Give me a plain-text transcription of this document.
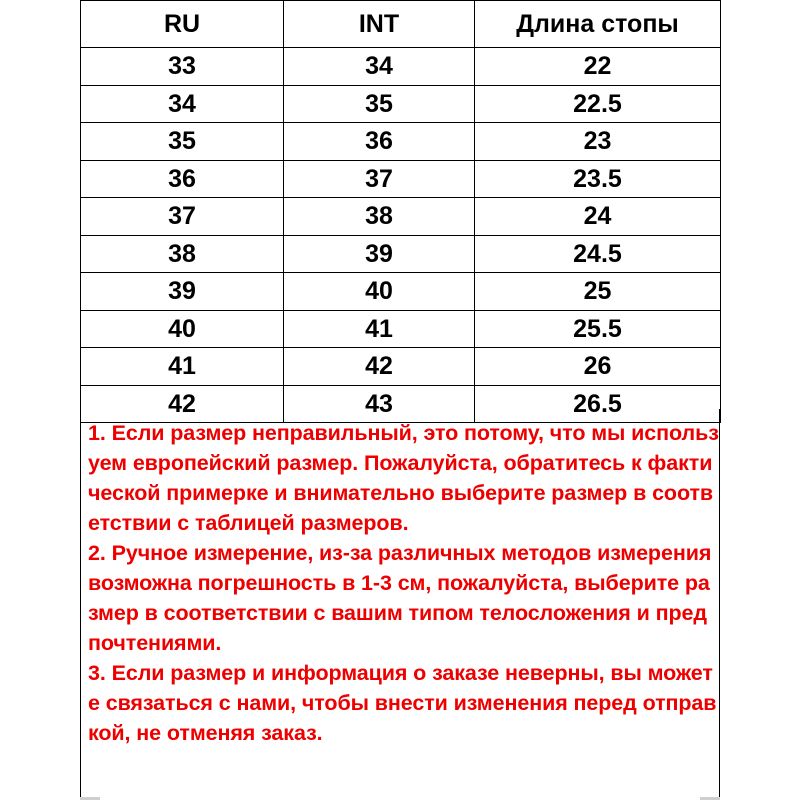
RU	INT	Длина стопы
33	34	22
34	35	22.5
35	36	23
36	37	23.5
37	38	24
38	39	24.5
39	40	25
40	41	25.5
41	42	26
42	43	26.5

1. Если размер неправильный, это потому, что мы используем европейский размер. Пожалуйста, обратитесь к фактической примерке и внимательно выберите размер в соответствии с таблицей размеров.

2. Ручное измерение, из-за различных методов измерения возможна погрешность в 1-3 см, пожалуйста, выберите размер в соответствии с вашим типом телосложения и предпочтениями.

3. Если размер и информация о заказе неверны, вы можете связаться с нами, чтобы внести изменения перед отправкой, не отменяя заказ.
